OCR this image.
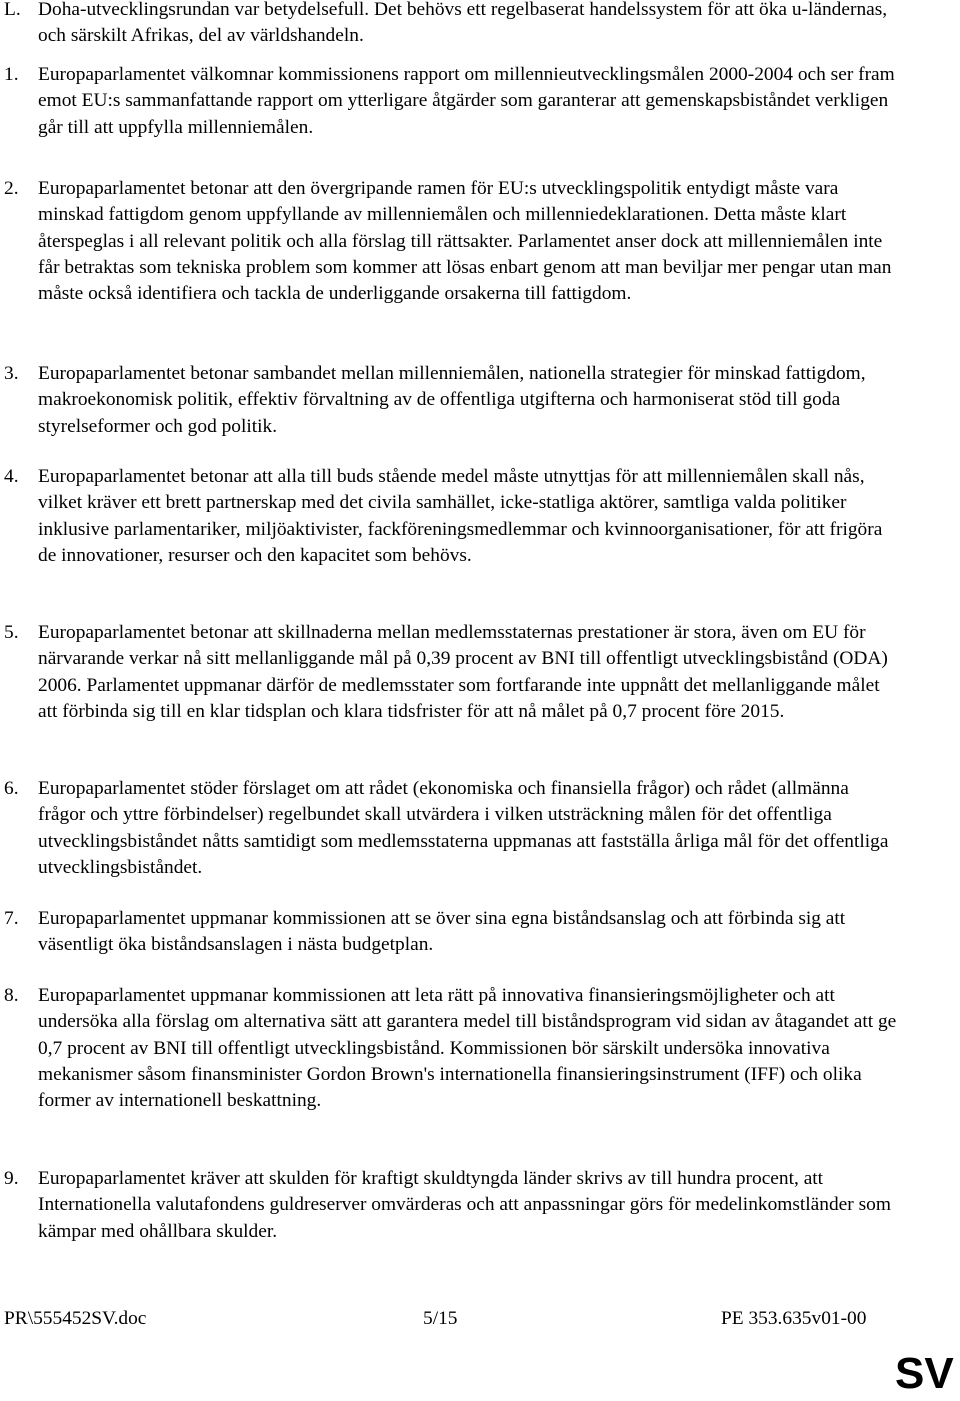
L. Doha-utvecklingsrundan var betydelsefull. Det behövs ett regelbaserat handelssystem för att öka u-ländernas, och särskilt Afrikas, del av världshandeln.
1. Europaparlamentet välkomnar kommissionens rapport om millennieutvecklingsmålen 2000-2004 och ser fram emot EU:s sammanfattande rapport om ytterligare åtgärder som garanterar att gemenskapsbiståndet verkligen går till att uppfylla millenniemålen.
2. Europaparlamentet betonar att den övergripande ramen för EU:s utvecklingspolitik entydigt måste vara minskad fattigdom genom uppfyllande av millenniemålen och millenniedeklarationen. Detta måste klart återspeglas i all relevant politik och alla förslag till rättsakter. Parlamentet anser dock att millenniemålen inte får betraktas som tekniska problem som kommer att lösas enbart genom att man beviljar mer pengar utan man måste också identifiera och tackla de underliggande orsakerna till fattigdom.
3. Europaparlamentet betonar sambandet mellan millenniemålen, nationella strategier för minskad fattigdom, makroekonomisk politik, effektiv förvaltning av de offentliga utgifterna och harmoniserat stöd till goda styrelseformer och god politik.
4. Europaparlamentet betonar att alla till buds stående medel måste utnyttjas för att millenniemålen skall nås, vilket kräver ett brett partnerskap med det civila samhället, icke-statliga aktörer, samtliga valda politiker inklusive parlamentariker, miljöaktivister, fackföreningsmedlemmar och kvinnoorganisationer, för att frigöra de innovationer, resurser och den kapacitet som behövs.
5. Europaparlamentet betonar att skillnaderna mellan medlemsstaternas prestationer är stora, även om EU för närvarande verkar nå sitt mellanliggande mål på 0,39 procent av BNI till offentligt utvecklingsbistånd (ODA) 2006. Parlamentet uppmanar därför de medlemsstater som fortfarande inte uppnått det mellanliggande målet att förbinda sig till en klar tidsplan och klara tidsfrister för att nå målet på 0,7 procent före 2015.
6. Europaparlamentet stöder förslaget om att rådet (ekonomiska och finansiella frågor) och rådet (allmänna frågor och yttre förbindelser) regelbundet skall utvärdera i vilken utsträckning målen för det offentliga utvecklingsbiståndet nåtts samtidigt som medlemsstaterna uppmanas att fastställa årliga mål för det offentliga utvecklingsbiståndet.
7. Europaparlamentet uppmanar kommissionen att se över sina egna biståndsanslag och att förbinda sig att väsentligt öka biståndsanslagen i nästa budgetplan.
8. Europaparlamentet uppmanar kommissionen att leta rätt på innovativa finansieringsmöjligheter och att undersöka alla förslag om alternativa sätt att garantera medel till biståndsprogram vid sidan av åtagandet att ge 0,7 procent av BNI till offentligt utvecklingsbistånd. Kommissionen bör särskilt undersöka innovativa mekanismer såsom finansminister Gordon Brown's internationella finansieringsinstrument (IFF) och olika former av internationell beskattning.
9. Europaparlamentet kräver att skulden för kraftigt skuldtyngda länder skrivs av till hundra procent, att Internationella valutafondens guldreserver omvärderas och att anpassningar görs för medelinkomstländer som kämpar med ohållbara skulder.
PR\555452SV.doc	5/15	PE 353.635v01-00
SV
